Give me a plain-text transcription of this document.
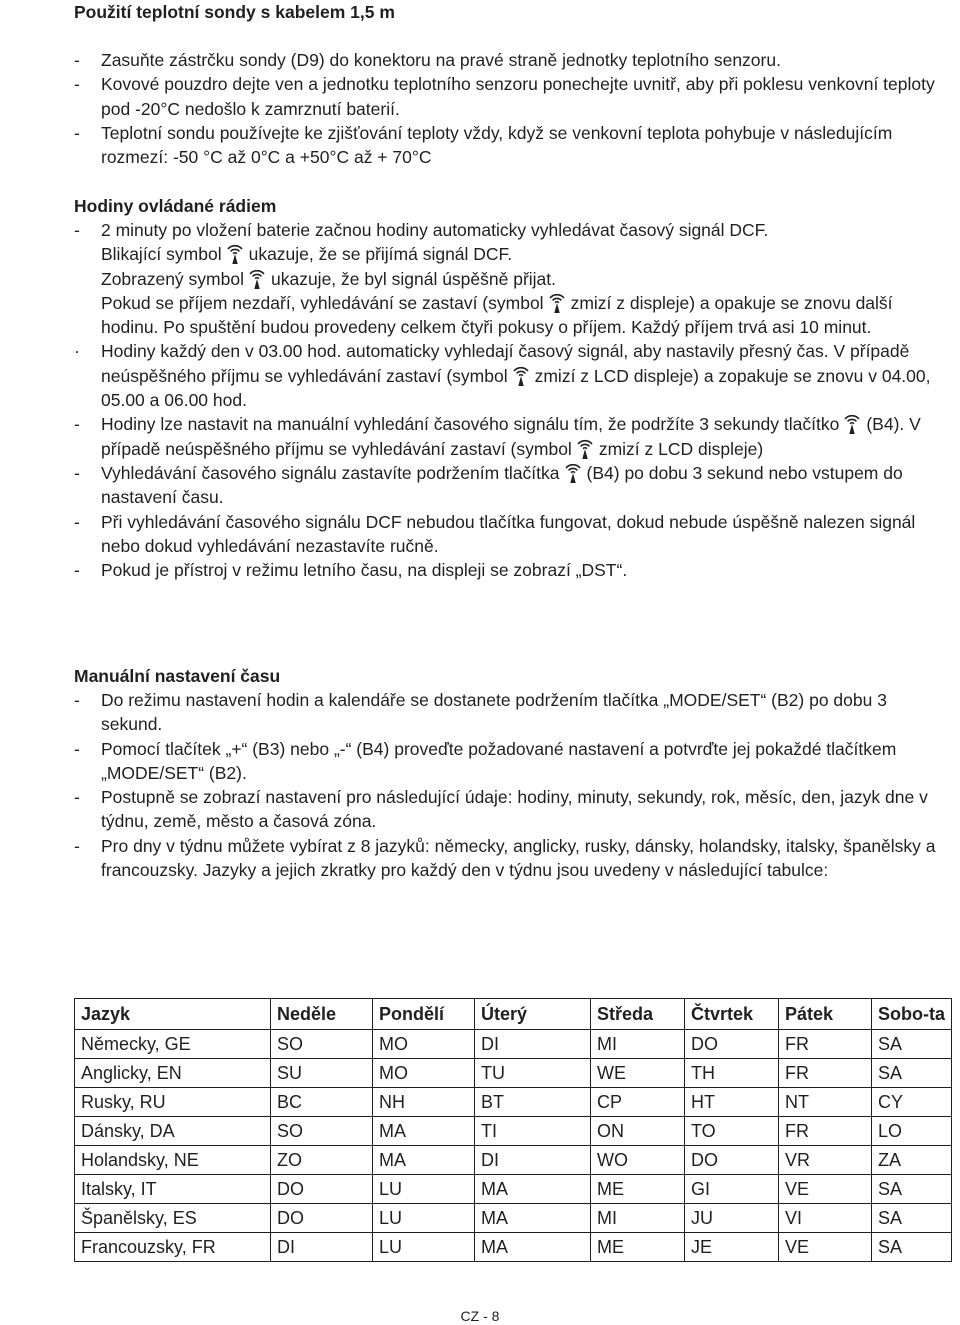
Použití teplotní sondy s kabelem 1,5 m
- Zasuňte zástrčku sondy (D9) do konektoru na pravé straně jednotky teplotního senzoru.
- Kovové pouzdro dejte ven a jednotku teplotního senzoru ponechejte uvnitř, aby při poklesu venkovní teploty pod -20°C nedošlo k zamrznutí baterií.
- Teplotní sondu používejte ke zjišťování teploty vždy, když se venkovní teplota pohybuje v následujícím rozmezí: -50 °C až 0°C a +50°C až + 70°C
Hodiny ovládané rádiem
- 2 minuty po vložení baterie začnou hodiny automaticky vyhledávat časový signál DCF.
Blikající symbol ukazuje, že se přijímá signál DCF.
Zobrazený symbol ukazuje, že byl signál úspěšně přijat.
Pokud se příjem nezdaří, vyhledávání se zastaví (symbol zmizí z displeje) a opakuje se znovu další hodinu. Po spuštění budou provedeny celkem čtyři pokusy o příjem. Každý příjem trvá asi 10 minut.
· Hodiny každý den v 03.00 hod. automaticky vyhledají časový signál, aby nastavily přesný čas. V případě neúspěšného příjmu se vyhledávání zastaví (symbol zmizí z LCD displeje) a zopakuje se znovu v 04.00, 05.00 a 06.00 hod.
- Hodiny lze nastavit na manuální vyhledání časového signálu tím, že podržíte 3 sekundy tlačítko (B4). V případě neúspěšného příjmu se vyhledávání zastaví (symbol zmizí z LCD displeje)
- Vyhledávání časového signálu zastavíte podržením tlačítka (B4) po dobu 3 sekund nebo vstupem do nastavení času.
- Při vyhledávání časového signálu DCF nebudou tlačítka fungovat, dokud nebude úspěšně nalezen signál nebo dokud vyhledávání nezastavíte ručně.
- Pokud je přístroj v režimu letního času, na displeji se zobrazí „DST“.
Manuální nastavení času
- Do režimu nastavení hodin a kalendáře se dostanete podržením tlačítka „MODE/SET“ (B2) po dobu 3 sekund.
- Pomocí tlačítek „+“ (B3) nebo „-“ (B4) proveďte požadované nastavení a potvrďte jej pokaždé tlačítkem „MODE/SET“ (B2).
- Postupně se zobrazí nastavení pro následující údaje: hodiny, minuty, sekundy, rok, měsíc, den, jazyk dne v týdnu, země, město a časová zóna.
- Pro dny v týdnu můžete vybírat z 8 jazyků: německy, anglicky, rusky, dánsky, holandsky, italsky, španělsky a francouzsky. Jazyky a jejich zkratky pro každý den v týdnu jsou uvedeny v následující tabulce:
Jazyk	Neděle	Pondělí	Úterý	Středa	Čtvrtek	Pátek	Sobo-ta
Německy, GE	SO	MO	DI	MI	DO	FR	SA
Anglicky, EN	SU	MO	TU	WE	TH	FR	SA
Rusky, RU	BC	NH	BT	CP	HT	NT	CY
Dánsky, DA	SO	MA	TI	ON	TO	FR	LO
Holandsky, NE	ZO	MA	DI	WO	DO	VR	ZA
Italsky, IT	DO	LU	MA	ME	GI	VE	SA
Španělsky, ES	DO	LU	MA	MI	JU	VI	SA
Francouzsky, FR	DI	LU	MA	ME	JE	VE	SA
CZ - 8
